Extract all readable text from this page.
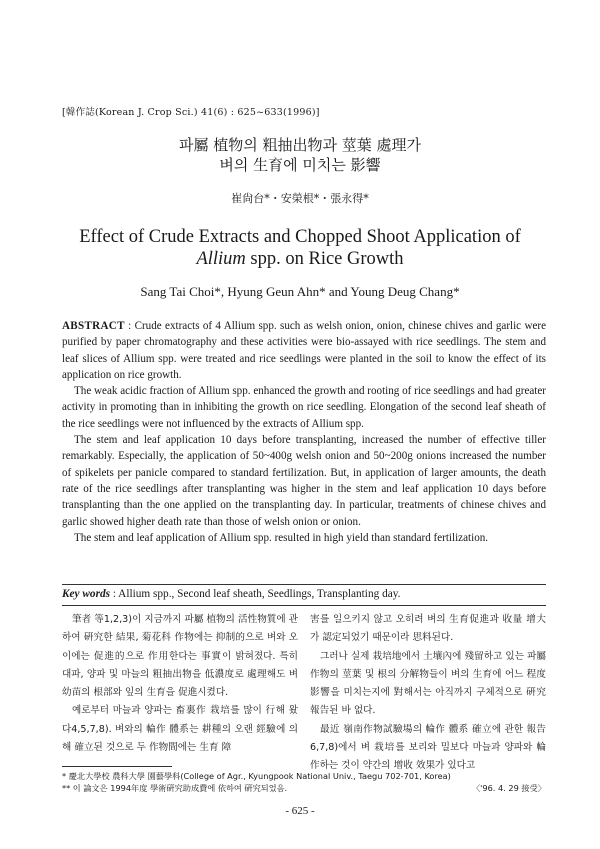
[韓作誌(Korean J. Crop Sci.) 41(6) : 625~633(1996)]
파屬 植物의 粗抽出物과 莖葉 處理가
벼의 生育에 미치는 影響
崔尙台*・安榮根*・張永得*
Effect of Crude Extracts and Chopped Shoot Application of
Allium spp. on Rice Growth
Sang Tai Choi*, Hyung Geun Ahn* and Young Deug Chang*

ABSTRACT : Crude extracts of 4 Allium spp. such as welsh onion, onion, chinese chives and garlic were purified by paper chromatography and these activities were bio-assayed with rice seedlings. The stem and leaf slices of Allium spp. were treated and rice seedlings were planted in the soil to know the effect of its application on rice growth.

The weak acidic fraction of Allium spp. enhanced the growth and rooting of rice seedlings and had greater activity in promoting than in inhibiting the growth on rice seedling. Elongation of the second leaf sheath of the rice seedlings were not influenced by the extracts of Allium spp.

The stem and leaf application 10 days before transplanting, increased the number of effective tiller remarkably. Especially, the application of 50~400g welsh onion and 50~200g onions increased the number of spikelets per panicle compared to standard fertilization. But, in application of larger amounts, the death rate of the rice seedlings after transplanting was higher in the stem and leaf application 10 days before transplanting than the one applied on the transplanting day. In particular, treatments of chinese chives and garlic showed higher death rate than those of welsh onion or onion.

The stem and leaf application of Allium spp. resulted in high yield than standard fertilization.

Key words : Allium spp., Second leaf sheath, Seedlings, Transplanting day.

筆者 等1,2,3)이 지금까지 파屬 植物의 活性物質에 관하여 硏究한 結果, 菊花科 作物에는 抑制的으로 벼와 오이에는 促進的으로 作用한다는 事實이 밝혀졌다. 특히 대파, 양파 및 마늘의 粗抽出物을 低濃度로 處理해도 벼 幼苗의 根部와 잎의 生育을 促進시켰다.

예로부터 마늘과 양파는 畜裏作 栽培를 많이 行해 왔다4,5,7,8). 벼와의 輪作 體系는 耕種의 오랜 經驗에 의해 確立된 것으로 두 作物間에는 生育 障

害를 일으키지 않고 오히려 벼의 生育促進과 收量 增大가 認定되었기 때문이라 思料된다.

그러나 실제 栽培地에서 土壤內에 殘留하고 있는 파屬 作物의 莖葉 및 根의 分解物들이 벼의 生育에 어느 程度 影響을 미치는지에 對해서는 아직까지 구체적으로 硏究 報告된 바 없다.

最近 嶺南作物試驗場의 輪作 體系 確立에 관한 報告6,7,8)에서 벼 栽培를 보리와 밀보다 마늘과 양파와 輪作하는 것이 약간의 增收 效果가 있다고

* 慶北大學校 農科大學 園藝學科(College of Agr., Kyungpook National Univ., Taegu 702-701, Korea)
** 이 論文은 1994年度 學術硏究助成費에 依하여 硏究되었음.	〈'96. 4. 29 接受〉
- 625 -
